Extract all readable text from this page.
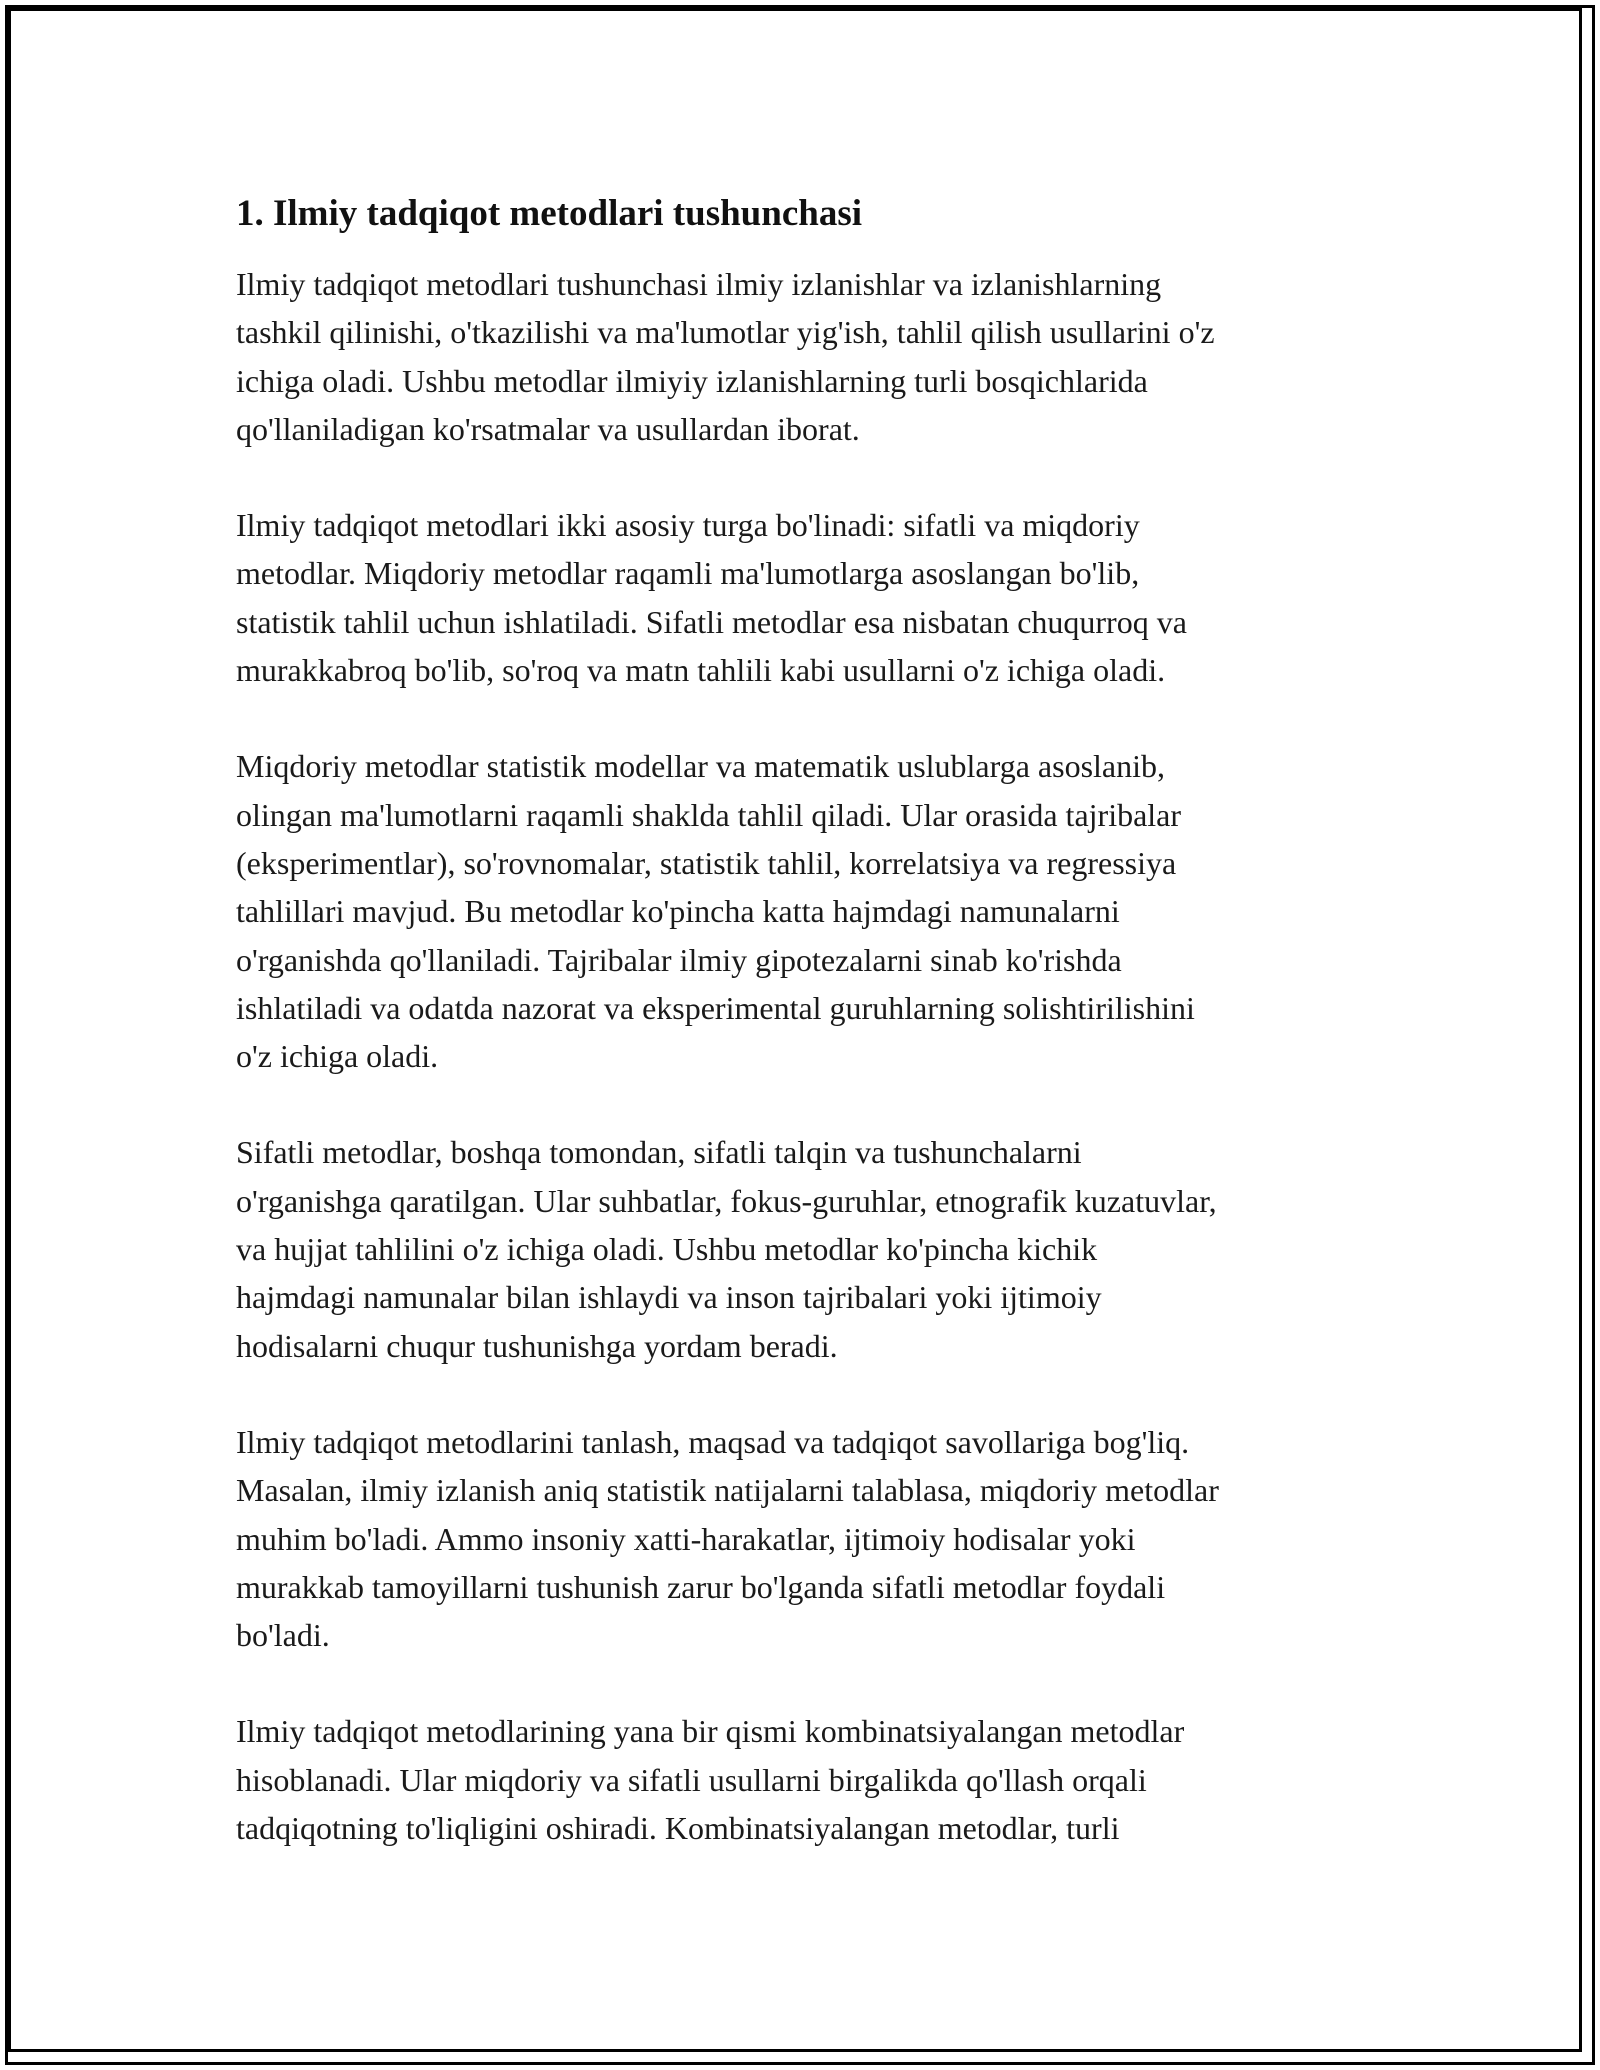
1. Ilmiy tadqiqot metodlari tushunchasi
Ilmiy tadqiqot metodlari tushunchasi ilmiy izlanishlar va izlanishlarning
tashkil qilinishi, o'tkazilishi va ma'lumotlar yig'ish, tahlil qilish usullarini o'z
ichiga oladi. Ushbu metodlar ilmiyiy izlanishlarning turli bosqichlarida
qo'llaniladigan ko'rsatmalar va usullardan iborat.
Ilmiy tadqiqot metodlari ikki asosiy turga bo'linadi: sifatli va miqdoriy
metodlar. Miqdoriy metodlar raqamli ma'lumotlarga asoslangan bo'lib,
statistik tahlil uchun ishlatiladi. Sifatli metodlar esa nisbatan chuqurroq va
murakkabroq bo'lib, so'roq va matn tahlili kabi usullarni o'z ichiga oladi.
Miqdoriy metodlar statistik modellar va matematik uslublarga asoslanib,
olingan ma'lumotlarni raqamli shaklda tahlil qiladi. Ular orasida tajribalar
(eksperimentlar), so'rovnomalar, statistik tahlil, korrelatsiya va regressiya
tahlillari mavjud. Bu metodlar ko'pincha katta hajmdagi namunalarni
o'rganishda qo'llaniladi. Tajribalar ilmiy gipotezalarni sinab ko'rishda
ishlatiladi va odatda nazorat va eksperimental guruhlarning solishtirilishini
o'z ichiga oladi.
Sifatli metodlar, boshqa tomondan, sifatli talqin va tushunchalarni
o'rganishga qaratilgan. Ular suhbatlar, fokus-guruhlar, etnografik kuzatuvlar,
va hujjat tahlilini o'z ichiga oladi. Ushbu metodlar ko'pincha kichik
hajmdagi namunalar bilan ishlaydi va inson tajribalari yoki ijtimoiy
hodisalarni chuqur tushunishga yordam beradi.
Ilmiy tadqiqot metodlarini tanlash, maqsad va tadqiqot savollariga bog'liq.
Masalan, ilmiy izlanish aniq statistik natijalarni talablasa, miqdoriy metodlar
muhim bo'ladi. Ammo insoniy xatti-harakatlar, ijtimoiy hodisalar yoki
murakkab tamoyillarni tushunish zarur bo'lganda sifatli metodlar foydali
bo'ladi.
Ilmiy tadqiqot metodlarining yana bir qismi kombinatsiyalangan metodlar
hisoblanadi. Ular miqdoriy va sifatli usullarni birgalikda qo'llash orqali
tadqiqotning to'liqligini oshiradi. Kombinatsiyalangan metodlar, turli
